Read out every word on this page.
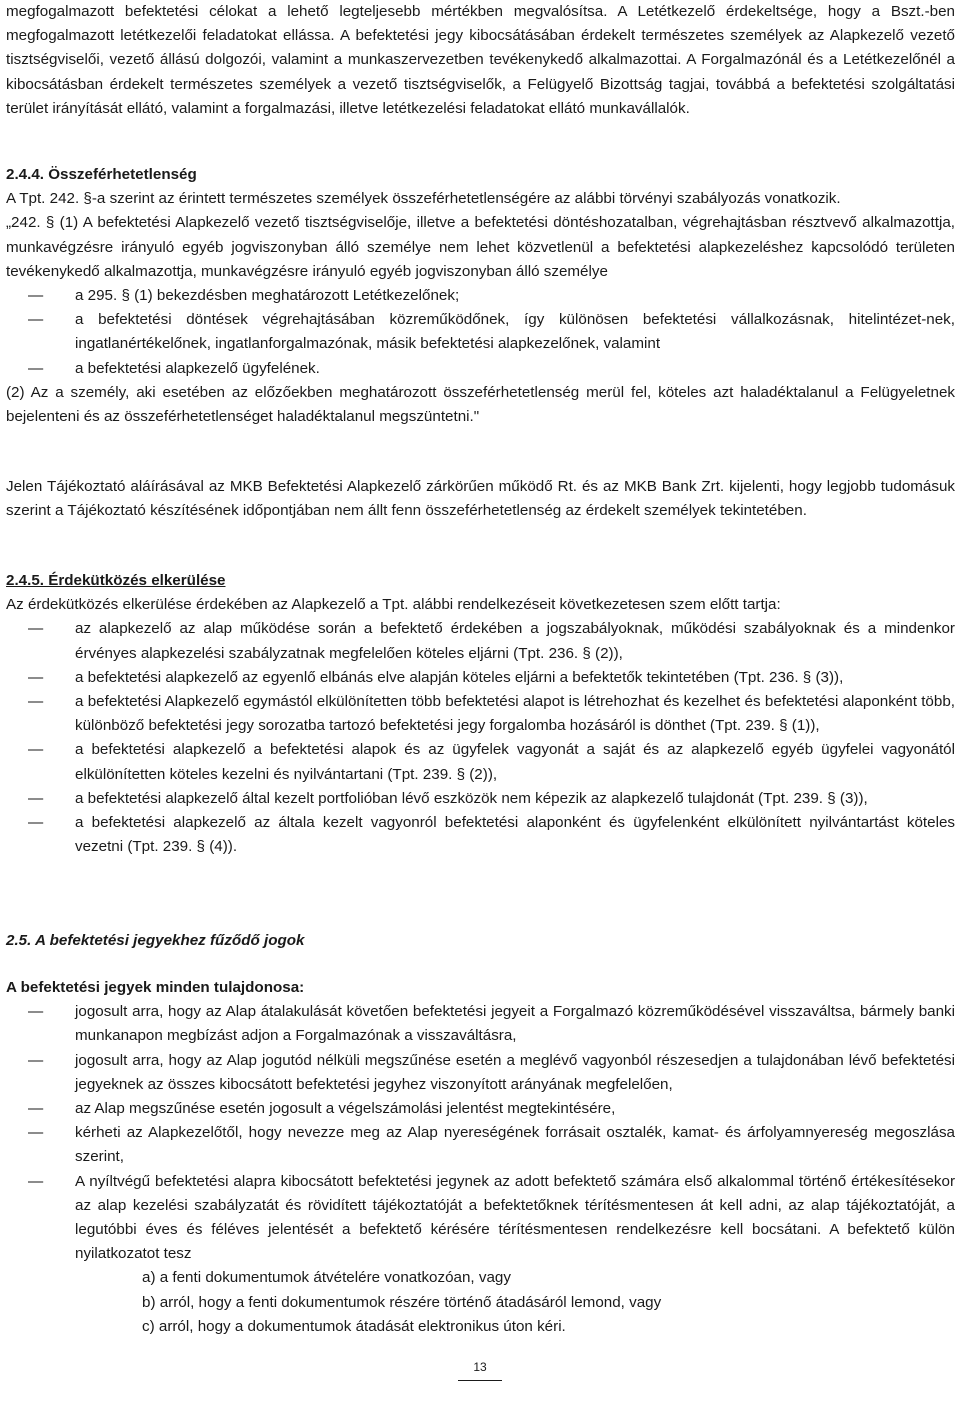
megfogalmazott befektetési célokat a lehető legteljesebb mértékben megvalósítsa. A Letétkezelő érdekeltsége, hogy a Bszt.-ben megfogalmazott letétkezelői feladatokat ellássa. A befektetési jegy kibocsátásában érdekelt természetes személyek az Alapkezelő vezető tisztségviselői, vezető állású dolgozói, valamint a munkaszervezetben tevékenykedő alkalmazottai. A Forgalmazónál és a Letétkezelőnél a kibocsátásban érdekelt természetes személyek a vezető tisztségviselők, a Felügyelő Bizottság tagjai, továbbá a befektetési szolgáltatási terület irányítását ellátó, valamint a forgalmazási, illetve letétkezelési feladatokat ellátó munkavállalók.

2.4.4. Összeférhetetlenség

A Tpt. 242. §-a szerint az érintett természetes személyek összeférhetetlenségére az alábbi törvényi szabályozás vonatkozik.

„242. § (1) A befektetési Alapkezelő vezető tisztségviselője, illetve a befektetési döntéshozatalban, végrehajtásban résztvevő alkalmazottja, munkavégzésre irányuló egyéb jogviszonyban álló személye nem lehet közvetlenül a befektetési alapkezeléshez kapcsolódó területen tevékenykedő alkalmazottja, munkavégzésre irányuló egyéb jogviszonyban álló személye

— a 295. § (1) bekezdésben meghatározott Letétkezelőnek;
— a befektetési döntések végrehajtásában közreműködőnek, így különösen befektetési vállalkozásnak, hitelintézet-nek, ingatlanértékelőnek, ingatlanforgalmazónak, másik befektetési alapkezelőnek, valamint
— a befektetési alapkezelő ügyfelének.

(2) Az a személy, aki esetében az előzőekben meghatározott összeférhetetlenség merül fel, köteles azt haladéktalanul a Felügyeletnek bejelenteni és az összeférhetetlenséget haladéktalanul megszüntetni."

Jelen Tájékoztató aláírásával az MKB Befektetési Alapkezelő zárkörűen működő Rt. és az MKB Bank Zrt. kijelenti, hogy legjobb tudomásuk szerint a Tájékoztató készítésének időpontjában nem állt fenn összeférhetetlenség az érdekelt személyek tekintetében.

2.4.5. Érdekütközés elkerülése

Az érdekütközés elkerülése érdekében az Alapkezelő a Tpt. alábbi rendelkezéseit következetesen szem előtt tartja:

— az alapkezelő az alap működése során a befektető érdekében a jogszabályoknak, működési szabályoknak és a mindenkor érvényes alapkezelési szabályzatnak megfelelően köteles eljárni (Tpt. 236. § (2)),
— a befektetési alapkezelő az egyenlő elbánás elve alapján köteles eljárni a befektetők tekintetében (Tpt. 236. § (3)),
— a befektetési Alapkezelő egymástól elkülönítetten több befektetési alapot is létrehozhat és kezelhet és befektetési alaponként több, különböző befektetési jegy sorozatba tartozó befektetési jegy forgalomba hozásáról is dönthet (Tpt. 239. § (1)),
— a befektetési alapkezelő a befektetési alapok és az ügyfelek vagyonát a saját és az alapkezelő egyéb ügyfelei vagyonától elkülönítetten köteles kezelni és nyilvántartani (Tpt. 239. § (2)),
— a befektetési alapkezelő által kezelt portfolióban lévő eszközök nem képezik az alapkezelő tulajdonát (Tpt. 239. § (3)),
— a befektetési alapkezelő az általa kezelt vagyonról befektetési alaponként és ügyfelenként elkülönített nyilvántartást köteles vezetni (Tpt. 239. § (4)).
2.5. A befektetési jegyekhez fűződő jogok
A befektetési jegyek minden tulajdonosa:
— jogosult arra, hogy az Alap átalakulását követően befektetési jegyeit a Forgalmazó közreműködésével visszaváltsa, bármely banki munkanapon megbízást adjon a Forgalmazónak a visszaváltásra,
— jogosult arra, hogy az Alap jogutód nélküli megszűnése esetén a meglévő vagyonból részesedjen a tulajdonában lévő befektetési jegyeknek az összes kibocsátott befektetési jegyhez viszonyított arányának megfelelően,
— az Alap megszűnése esetén jogosult a végelszámolási jelentést megtekintésére,
— kérheti az Alapkezelőtől, hogy nevezze meg az Alap nyereségének forrásait osztalék, kamat- és árfolyamnyereség megoszlása szerint,
— A nyíltvégű befektetési alapra kibocsátott befektetési jegynek az adott befektető számára első alkalommal történő értékesítésekor az alap kezelési szabályzatát és rövidített tájékoztatóját a befektetőknek térítésmentesen át kell adni, az alap tájékoztatóját, a legutóbbi éves és féléves jelentését a befektető kérésére térítésmentesen rendelkezésre kell bocsátani. A befektető külön nyilatkozatot tesz

a) a fenti dokumentumok átvételére vonatkozóan, vagy

b) arról, hogy a fenti dokumentumok részére történő átadásáról lemond, vagy

c) arról, hogy a dokumentumok átadását elektronikus úton kéri.

13
